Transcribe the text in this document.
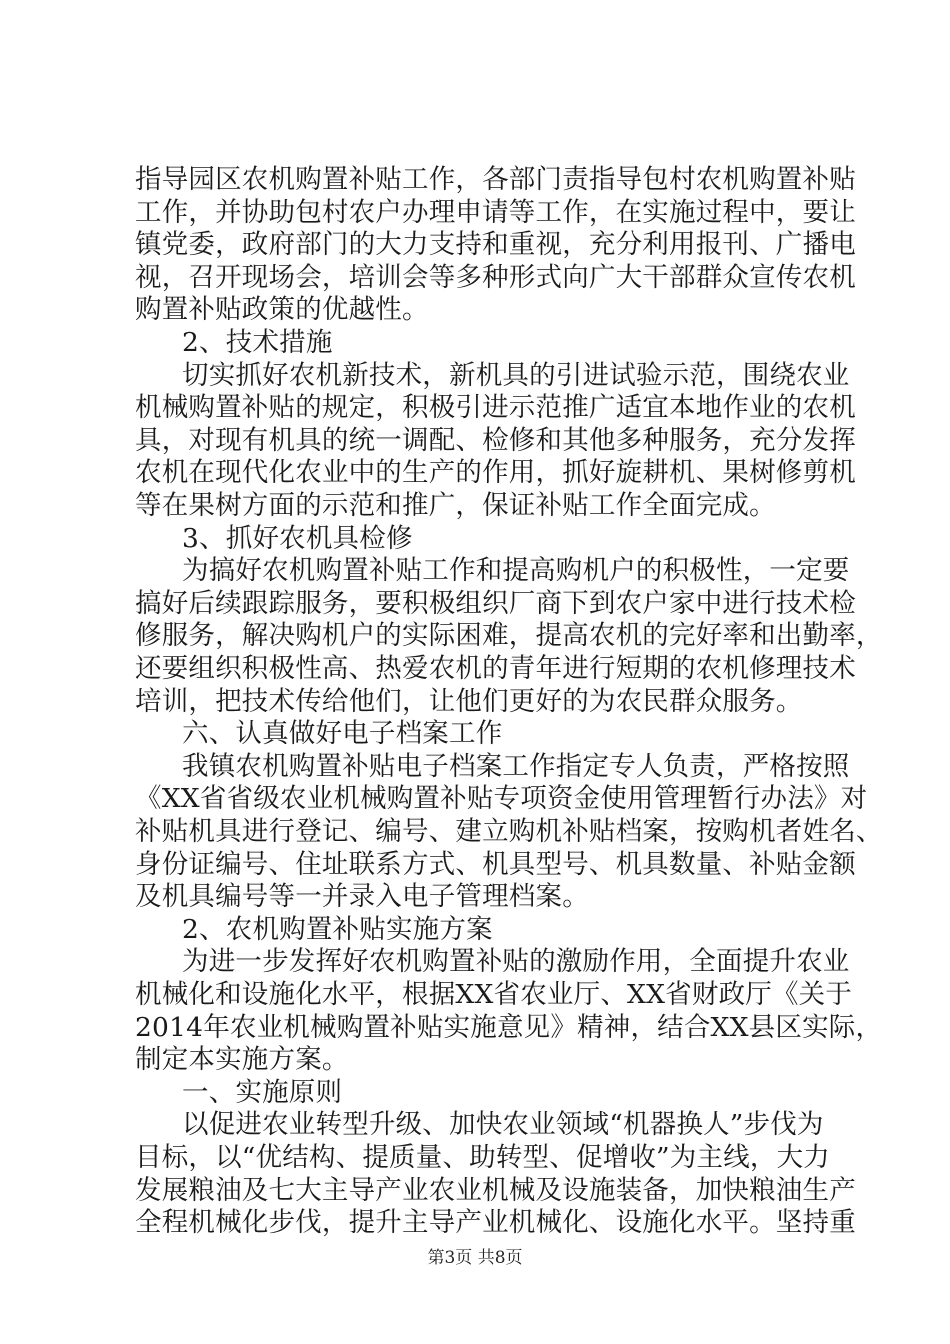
指导园区农机购置补贴工作，各部门责指导包村农机购置补贴
工作，并协助包村农户办理申请等工作，在实施过程中，要让
镇党委，政府部门的大力支持和重视，充分利用报刊、广播电
视，召开现场会，培训会等多种形式向广大干部群众宣传农机
购置补贴政策的优越性。
2、技术措施
切实抓好农机新技术，新机具的引进试验示范，围绕农业
机械购置补贴的规定，积极引进示范推广适宜本地作业的农机
具，对现有机具的统一调配、检修和其他多种服务，充分发挥
农机在现代化农业中的生产的作用，抓好旋耕机、果树修剪机
等在果树方面的示范和推广，保证补贴工作全面完成。
3、抓好农机具检修
为搞好农机购置补贴工作和提高购机户的积极性，一定要
搞好后续跟踪服务，要积极组织厂商下到农户家中进行技术检
修服务，解决购机户的实际困难，提高农机的完好率和出勤率，
还要组织积极性高、热爱农机的青年进行短期的农机修理技术
培训，把技术传给他们，让他们更好的为农民群众服务。
六、认真做好电子档案工作
我镇农机购置补贴电子档案工作指定专人负责，严格按照
《XX省省级农业机械购置补贴专项资金使用管理暂行办法》对
补贴机具进行登记、编号、建立购机补贴档案，按购机者姓名、
身份证编号、住址联系方式、机具型号、机具数量、补贴金额
及机具编号等一并录入电子管理档案。
2、农机购置补贴实施方案
为进一步发挥好农机购置补贴的激励作用，全面提升农业
机械化和设施化水平，根据XX省农业厅、XX省财政厅《关于
2014年农业机械购置补贴实施意见》精神，结合XX县区实际，
制定本实施方案。
一、实施原则
以促进农业转型升级、加快农业领域“机器换人”步伐为
目标，以“优结构、提质量、助转型、促增收”为主线，大力
发展粮油及七大主导产业农业机械及设施装备，加快粮油生产
全程机械化步伐，提升主导产业机械化、设施化水平。坚持重
第3页 共8页
